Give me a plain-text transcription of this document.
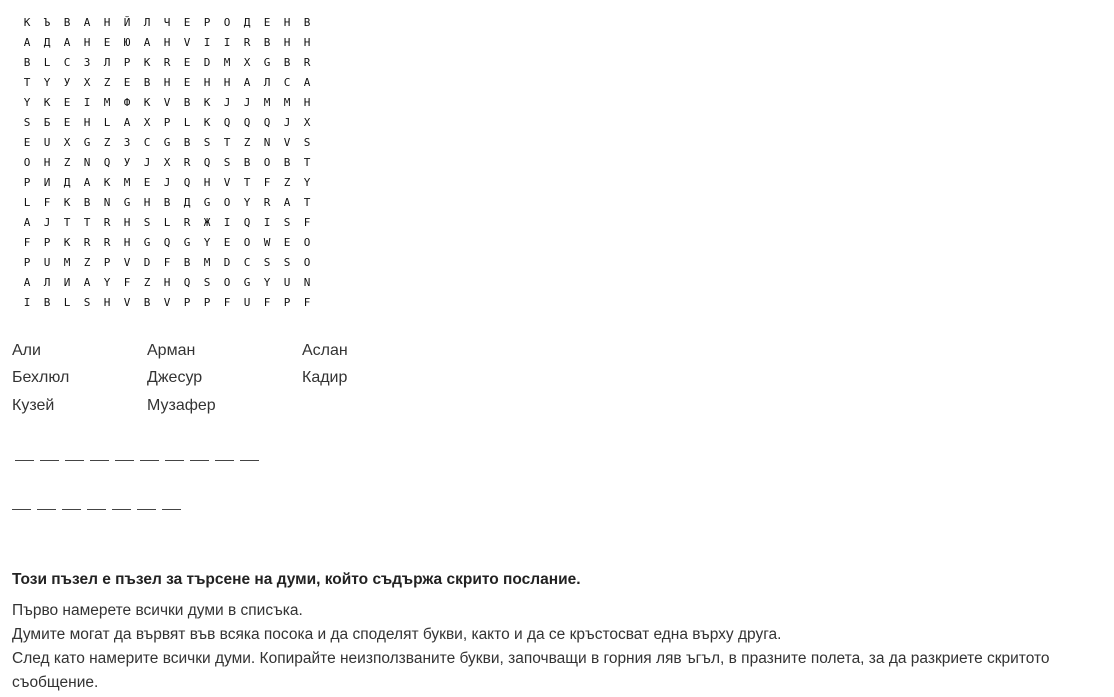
К	Ъ	В	А	Н	Й	Л	Ч	Е	Р	О	Д	Е	Н	В
А	Д	А	Н	Е	Ю	А	Н	V	I	I	R	В	Н	Н
В	L	С	З	Л	Р	К	R	Е	D	М	Х	G	В	R
Т	Y	У	Х	Z	Е	В	Н	Е	Н	Н	А	Л	С	А
Y	К	Е	I	М	Ф	К	V	В	К	J	J	М	М	Н
S	Б	Е	Н	L	А	Х	Р	L	К	Q	Q	Q	J	Х
Е	U	Х	G	Z	З	С	G	В	S	Т	Z	N	V	S
О	Н	Z	N	Q	У	J	Х	R	Q	S	В	О	В	Т
Р	И	Д	А	К	М	Е	J	Q	Н	V	Т	F	Z	Y
L	F	К	В	N	G	Н	В	Д	G	О	Y	R	А	Т
А	J	Т	Т	R	Н	S	L	R	Ж	I	Q	I	S	F
F	Р	К	R	R	Н	G	Q	G	Y	Е	О	W	Е	О
Р	U	М	Z	Р	V	D	F	В	М	D	С	S	S	О
А	Л	И	А	Y	F	Z	Н	Q	S	О	G	Y	U	N
I	В	L	S	Н	V	В	V	Р	Р	F	U	F	Р	F
Али	Арман	Аслан
Бехлюл	Джесур	Кадир
Кузей	Музафер
Този пъзел е пъзел за търсене на думи, който съдържа скрито послание.

Първо намерете всички думи в списъка.

Думите могат да вървят във всяка посока и да споделят букви, както и да се кръстосват една върху друга.

След като намерите всички думи. Копирайте неизползваните букви, започващи в горния ляв ъгъл, в празните полета, за да разкриете скритото съобщение.
